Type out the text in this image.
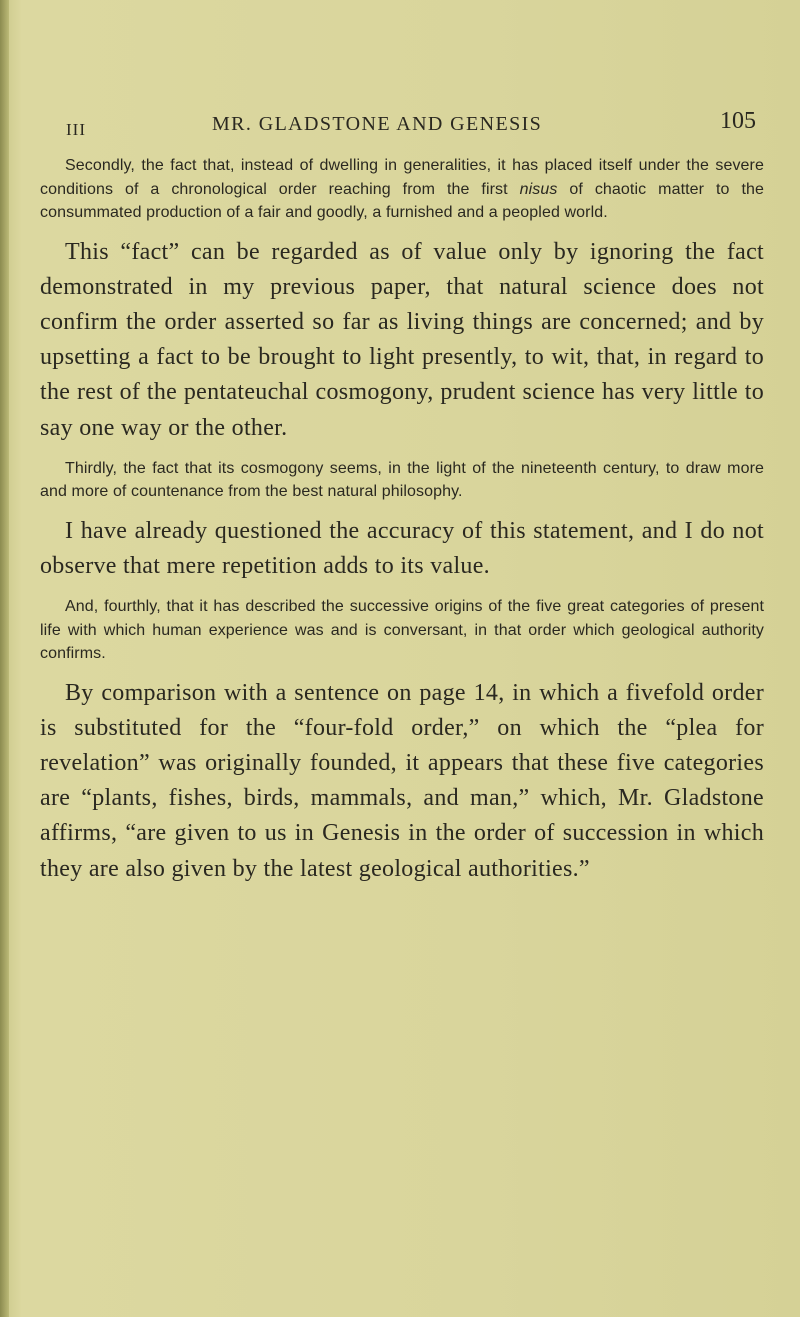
III	MR. GLADSTONE AND GENESIS	105

Secondly, the fact that, instead of dwelling in generalities, it has placed itself under the severe conditions of a chronological order reaching from the first nisus of chaotic matter to the consummated production of a fair and goodly, a furnished and a peopled world.

This “fact” can be regarded as of value only by ignoring the fact demonstrated in my previous paper, that natural science does not confirm the order asserted so far as living things are concerned; and by upsetting a fact to be brought to light presently, to wit, that, in regard to the rest of the pentateuchal cosmogony, prudent science has very little to say one way or the other.

Thirdly, the fact that its cosmogony seems, in the light of the nineteenth century, to draw more and more of countenance from the best natural philosophy.

I have already questioned the accuracy of this statement, and I do not observe that mere repetition adds to its value.

And, fourthly, that it has described the successive origins of the five great categories of present life with which human experience was and is conversant, in that order which geological authority confirms.

By comparison with a sentence on page 14, in which a fivefold order is substituted for the “four-fold order,” on which the “plea for revelation” was originally founded, it appears that these five categories are “plants, fishes, birds, mammals, and man,” which, Mr. Gladstone affirms, “are given to us in Genesis in the order of succession in which they are also given by the latest geological authorities.”
